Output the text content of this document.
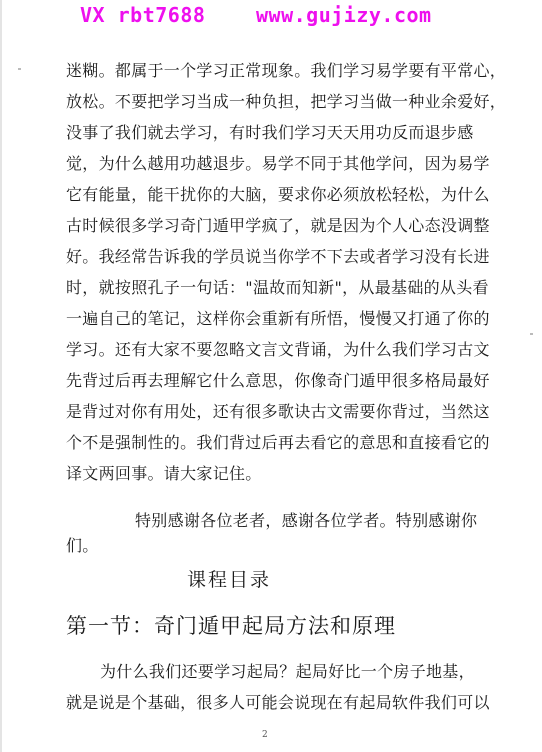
VX rbt7688	www.gujizy.com
迷糊。都属于一个学习正常现象。我们学习易学要有平常心，
放松。不要把学习当成一种负担，把学习当做一种业余爱好，
没事了我们就去学习，有时我们学习天天用功反而退步感
觉，为什么越用功越退步。易学不同于其他学问，因为易学
它有能量，能干扰你的大脑，要求你必须放松轻松，为什么
古时候很多学习奇门遁甲学疯了，就是因为个人心态没调整
好。我经常告诉我的学员说当你学不下去或者学习没有长进
时，就按照孔子一句话："温故而知新"，从最基础的从头看
一遍自己的笔记，这样你会重新有所悟，慢慢又打通了你的
学习。还有大家不要忽略文言文背诵，为什么我们学习古文
先背过后再去理解它什么意思，你像奇门遁甲很多格局最好
是背过对你有用处，还有很多歌诀古文需要你背过，当然这
个不是强制性的。我们背过后再去看它的意思和直接看它的
译文两回事。请大家记住。
特别感谢各位老者，感谢各位学者。特别感谢你
们。
课程目录
第一节：奇门遁甲起局方法和原理
为什么我们还要学习起局？起局好比一个房子地基，
就是说是个基础，很多人可能会说现在有起局软件我们可以
2
